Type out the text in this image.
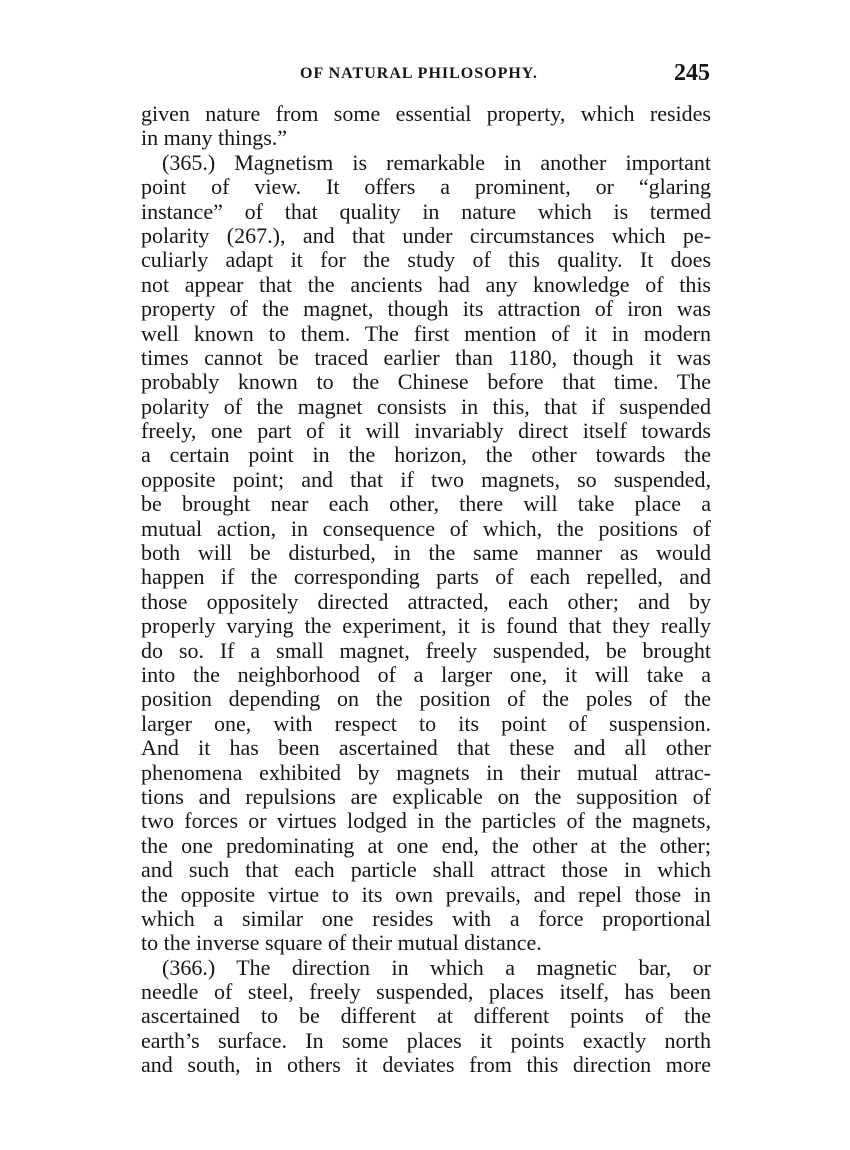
OF NATURAL PHILOSOPHY.	245
given nature from some essential property, which resides
in many things.”
(365.) Magnetism is remarkable in another important
point of view. It offers a prominent, or “glaring
instance” of that quality in nature which is termed
polarity (267.), and that under circumstances which pe-
culiarly adapt it for the study of this quality. It does
not appear that the ancients had any knowledge of this
property of the magnet, though its attraction of iron was
well known to them. The first mention of it in modern
times cannot be traced earlier than 1180, though it was
probably known to the Chinese before that time. The
polarity of the magnet consists in this, that if suspended
freely, one part of it will invariably direct itself towards
a certain point in the horizon, the other towards the
opposite point; and that if two magnets, so suspended,
be brought near each other, there will take place a
mutual action, in consequence of which, the positions of
both will be disturbed, in the same manner as would
happen if the corresponding parts of each repelled, and
those oppositely directed attracted, each other; and by
properly varying the experiment, it is found that they really
do so. If a small magnet, freely suspended, be brought
into the neighborhood of a larger one, it will take a
position depending on the position of the poles of the
larger one, with respect to its point of suspension.
And it has been ascertained that these and all other
phenomena exhibited by magnets in their mutual attrac-
tions and repulsions are explicable on the supposition of
two forces or virtues lodged in the particles of the magnets,
the one predominating at one end, the other at the other;
and such that each particle shall attract those in which
the opposite virtue to its own prevails, and repel those in
which a similar one resides with a force proportional
to the inverse square of their mutual distance.
(366.) The direction in which a magnetic bar, or
needle of steel, freely suspended, places itself, has been
ascertained to be different at different points of the
earth’s surface. In some places it points exactly north
and south, in others it deviates from this direction more
